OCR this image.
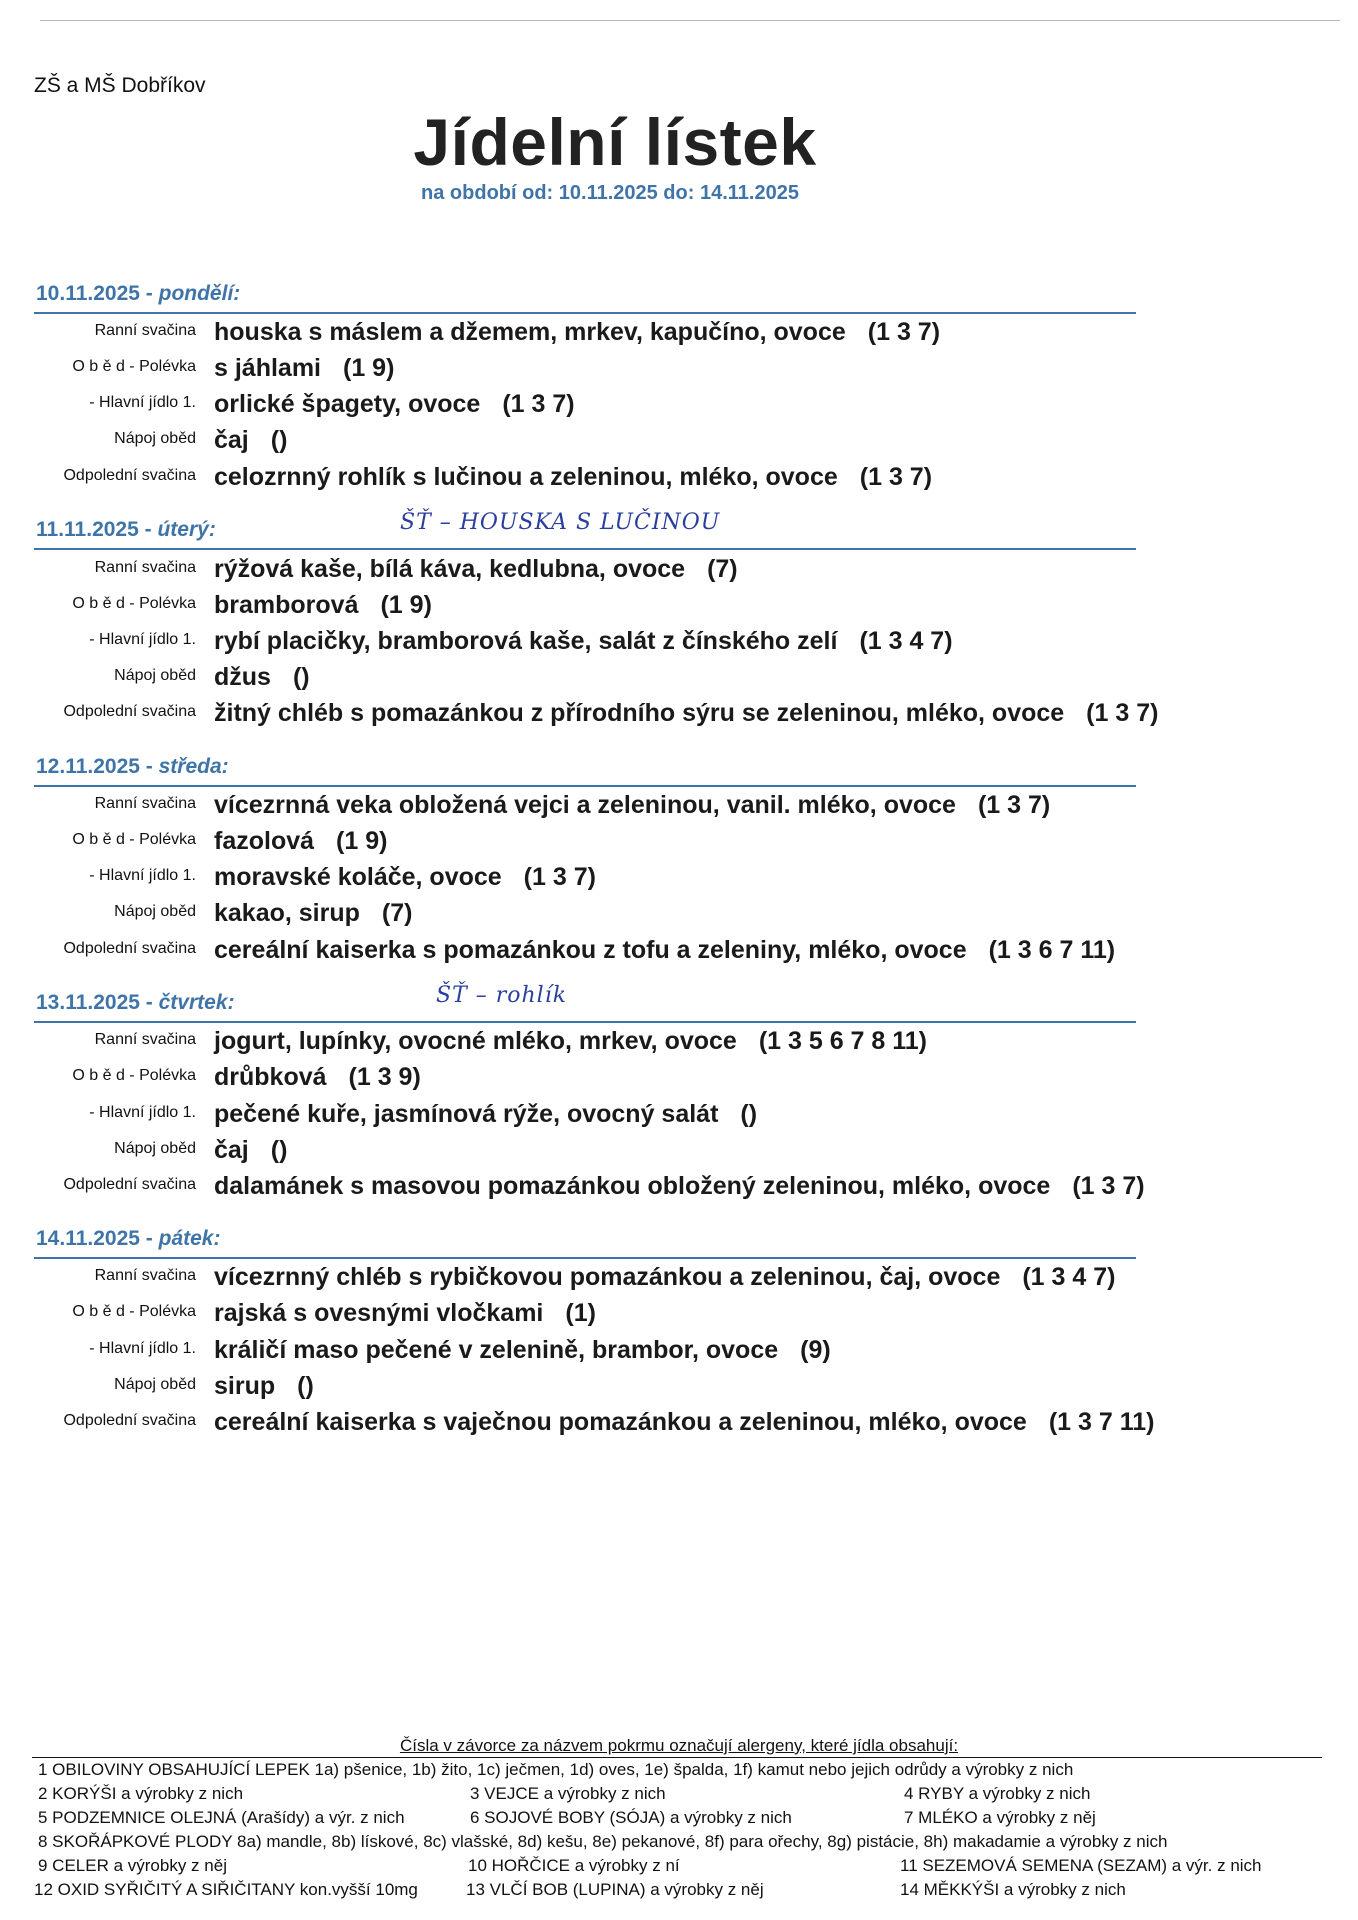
ZŠ a MŠ Dobříkov
Jídelní lístek
na období od: 10.11.2025 do: 14.11.2025
10.11.2025 - pondělí:
Ranní svačina houska s máslem a džemem, mrkev, kapučíno, ovoce (1 3 7)
O b ě d - Polévka s jáhlami (1 9)
- Hlavní jídlo 1. orlické špagety, ovoce (1 3 7)
Nápoj oběd čaj ()
Odpolední svačina celozrnný rohlík s lučinou a zeleninou, mléko, ovoce (1 3 7)
11.11.2025 - úterý:	ŠŤ – HOUSKA S LUČINOU
Ranní svačina rýžová kaše, bílá káva, kedlubna, ovoce (7)
O b ě d - Polévka bramborová (1 9)
- Hlavní jídlo 1. rybí placičky, bramborová kaše, salát z čínského zelí (1 3 4 7)
Nápoj oběd džus ()
Odpolední svačina žitný chléb s pomazánkou z přírodního sýru se zeleninou, mléko, ovoce (1 3 7)
12.11.2025 - středa:
Ranní svačina vícezrnná veka obložená vejci a zeleninou, vanil. mléko, ovoce (1 3 7)
O b ě d - Polévka fazolová (1 9)
- Hlavní jídlo 1. moravské koláče, ovoce (1 3 7)
Nápoj oběd kakao, sirup (7)
Odpolední svačina cereální kaiserka s pomazánkou z tofu a zeleniny, mléko, ovoce (1 3 6 7 11)
13.11.2025 - čtvrtek:	ŠŤ – rohlík
Ranní svačina jogurt, lupínky, ovocné mléko, mrkev, ovoce (1 3 5 6 7 8 11)
O b ě d - Polévka drůbková (1 3 9)
- Hlavní jídlo 1. pečené kuře, jasmínová rýže, ovocný salát ()
Nápoj oběd čaj ()
Odpolední svačina dalamánek s masovou pomazánkou obložený zeleninou, mléko, ovoce (1 3 7)
14.11.2025 - pátek:
Ranní svačina vícezrnný chléb s rybičkovou pomazánkou a zeleninou, čaj, ovoce (1 3 4 7)
O b ě d - Polévka rajská s ovesnými vločkami (1)
- Hlavní jídlo 1. králičí maso pečené v zelenině, brambor, ovoce (9)
Nápoj oběd sirup ()
Odpolední svačina cereální kaiserka s vaječnou pomazánkou a zeleninou, mléko, ovoce (1 3 7 11)
Čísla v závorce za názvem pokrmu označují alergeny, které jídla obsahují:
1 OBILOVINY OBSAHUJÍCÍ LEPEK 1a) pšenice, 1b) žito, 1c) ječmen, 1d) oves, 1e) špalda, 1f) kamut nebo jejich odrůdy a výrobky z nich
2 KORÝŠI a výrobky z nich	3 VEJCE a výrobky z nich	4 RYBY a výrobky z nich
5 PODZEMNICE OLEJNÁ (Arašídy) a výr. z nich	6 SOJOVÉ BOBY (SÓJA) a výrobky z nich	7 MLÉKO a výrobky z něj
8 SKOŘÁPKOVÉ PLODY 8a) mandle, 8b) lískové, 8c) vlašské, 8d) kešu, 8e) pekanové, 8f) para ořechy, 8g) pistácie, 8h) makadamie a výrobky z nich
9 CELER a výrobky z něj	10 HOŘČICE a výrobky z ní	11 SEZEMOVÁ SEMENA (SEZAM) a výr. z nich
12 OXID SYŘIČITÝ A SIŘIČITANY kon.vyšší 10mg	13 VLČÍ BOB (LUPINA) a výrobky z něj	14 MĚKKÝŠI a výrobky z nich
